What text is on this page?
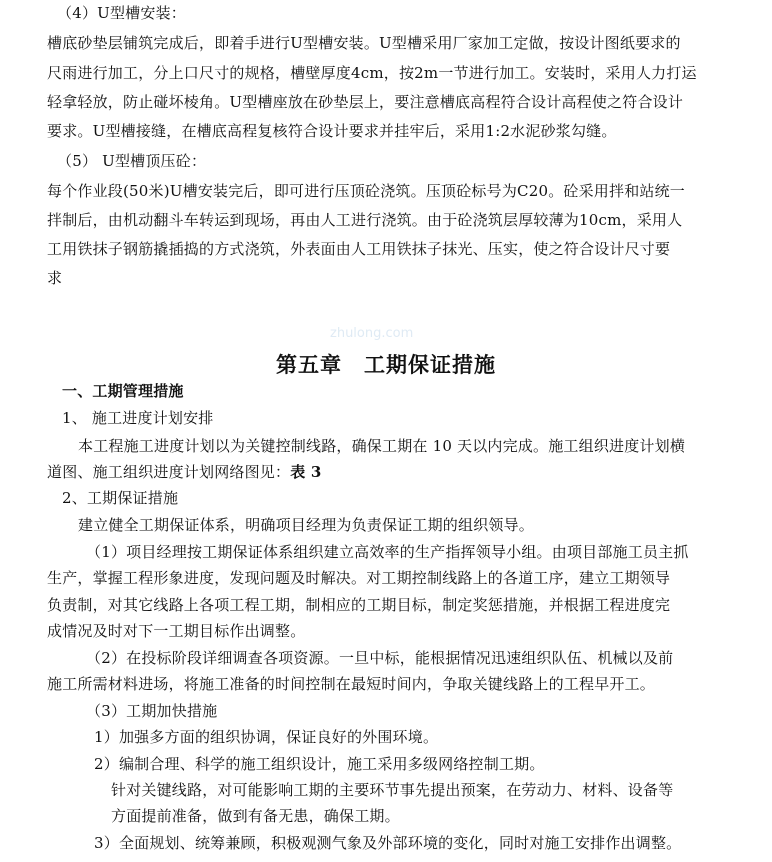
zhulong.com
（4）U型槽安装：
槽底砂垫层铺筑完成后，即着手进行U型槽安装。U型槽采用厂家加工定做，按设计图纸要求的
尺雨进行加工，分上口尺寸的规格，槽壁厚度4cm，按2m一节进行加工。安装时，采用人力打运
轻拿轻放，防止碰坏棱角。U型槽座放在砂垫层上，要注意槽底高程符合设计高程使之符合设计
要求。U型槽接缝，在槽底高程复核符合设计要求并挂牢后，采用1:2水泥砂浆勾缝。
（5） U型槽顶压砼：
每个作业段(50米)U槽安装完后，即可进行压顶砼浇筑。压顶砼标号为C20。砼采用拌和站统一
拌制后，由机动翻斗车转运到现场，再由人工进行浇筑。由于砼浇筑层厚较薄为10cm，采用人
工用铁抹子钢筋撬插捣的方式浇筑，外表面由人工用铁抹子抹光、压实，使之符合设计尺寸要
求
第五章　工期保证措施
一、工期管理措施
1、 施工进度计划安排
本工程施工进度计划以为关键控制线路，确保工期在 10 天以内完成。施工组织进度计划横
道图、施工组织进度计划网络图见：表 3
2、工期保证措施
建立健全工期保证体系，明确项目经理为负责保证工期的组织领导。
（1）项目经理按工期保证体系组织建立高效率的生产指挥领导小组。由项目部施工员主抓
生产，掌握工程形象进度，发现问题及时解决。对工期控制线路上的各道工序，建立工期领导
负责制，对其它线路上各项工程工期，制相应的工期目标，制定奖惩措施，并根据工程进度完
成情况及时对下一工期目标作出调整。
（2）在投标阶段详细调查各项资源。一旦中标，能根据情况迅速组织队伍、机械以及前
施工所需材料进场，将施工准备的时间控制在最短时间内，争取关键线路上的工程早开工。
（3）工期加快措施
1）加强多方面的组织协调，保证良好的外围环境。
2）编制合理、科学的施工组织设计，施工采用多级网络控制工期。
针对关键线路，对可能影响工期的主要环节事先提出预案，在劳动力、材料、设备等
方面提前准备，做到有备无患，确保工期。
3）全面规划、统筹兼顾，积极观测气象及外部环境的变化，同时对施工安排作出调整。
